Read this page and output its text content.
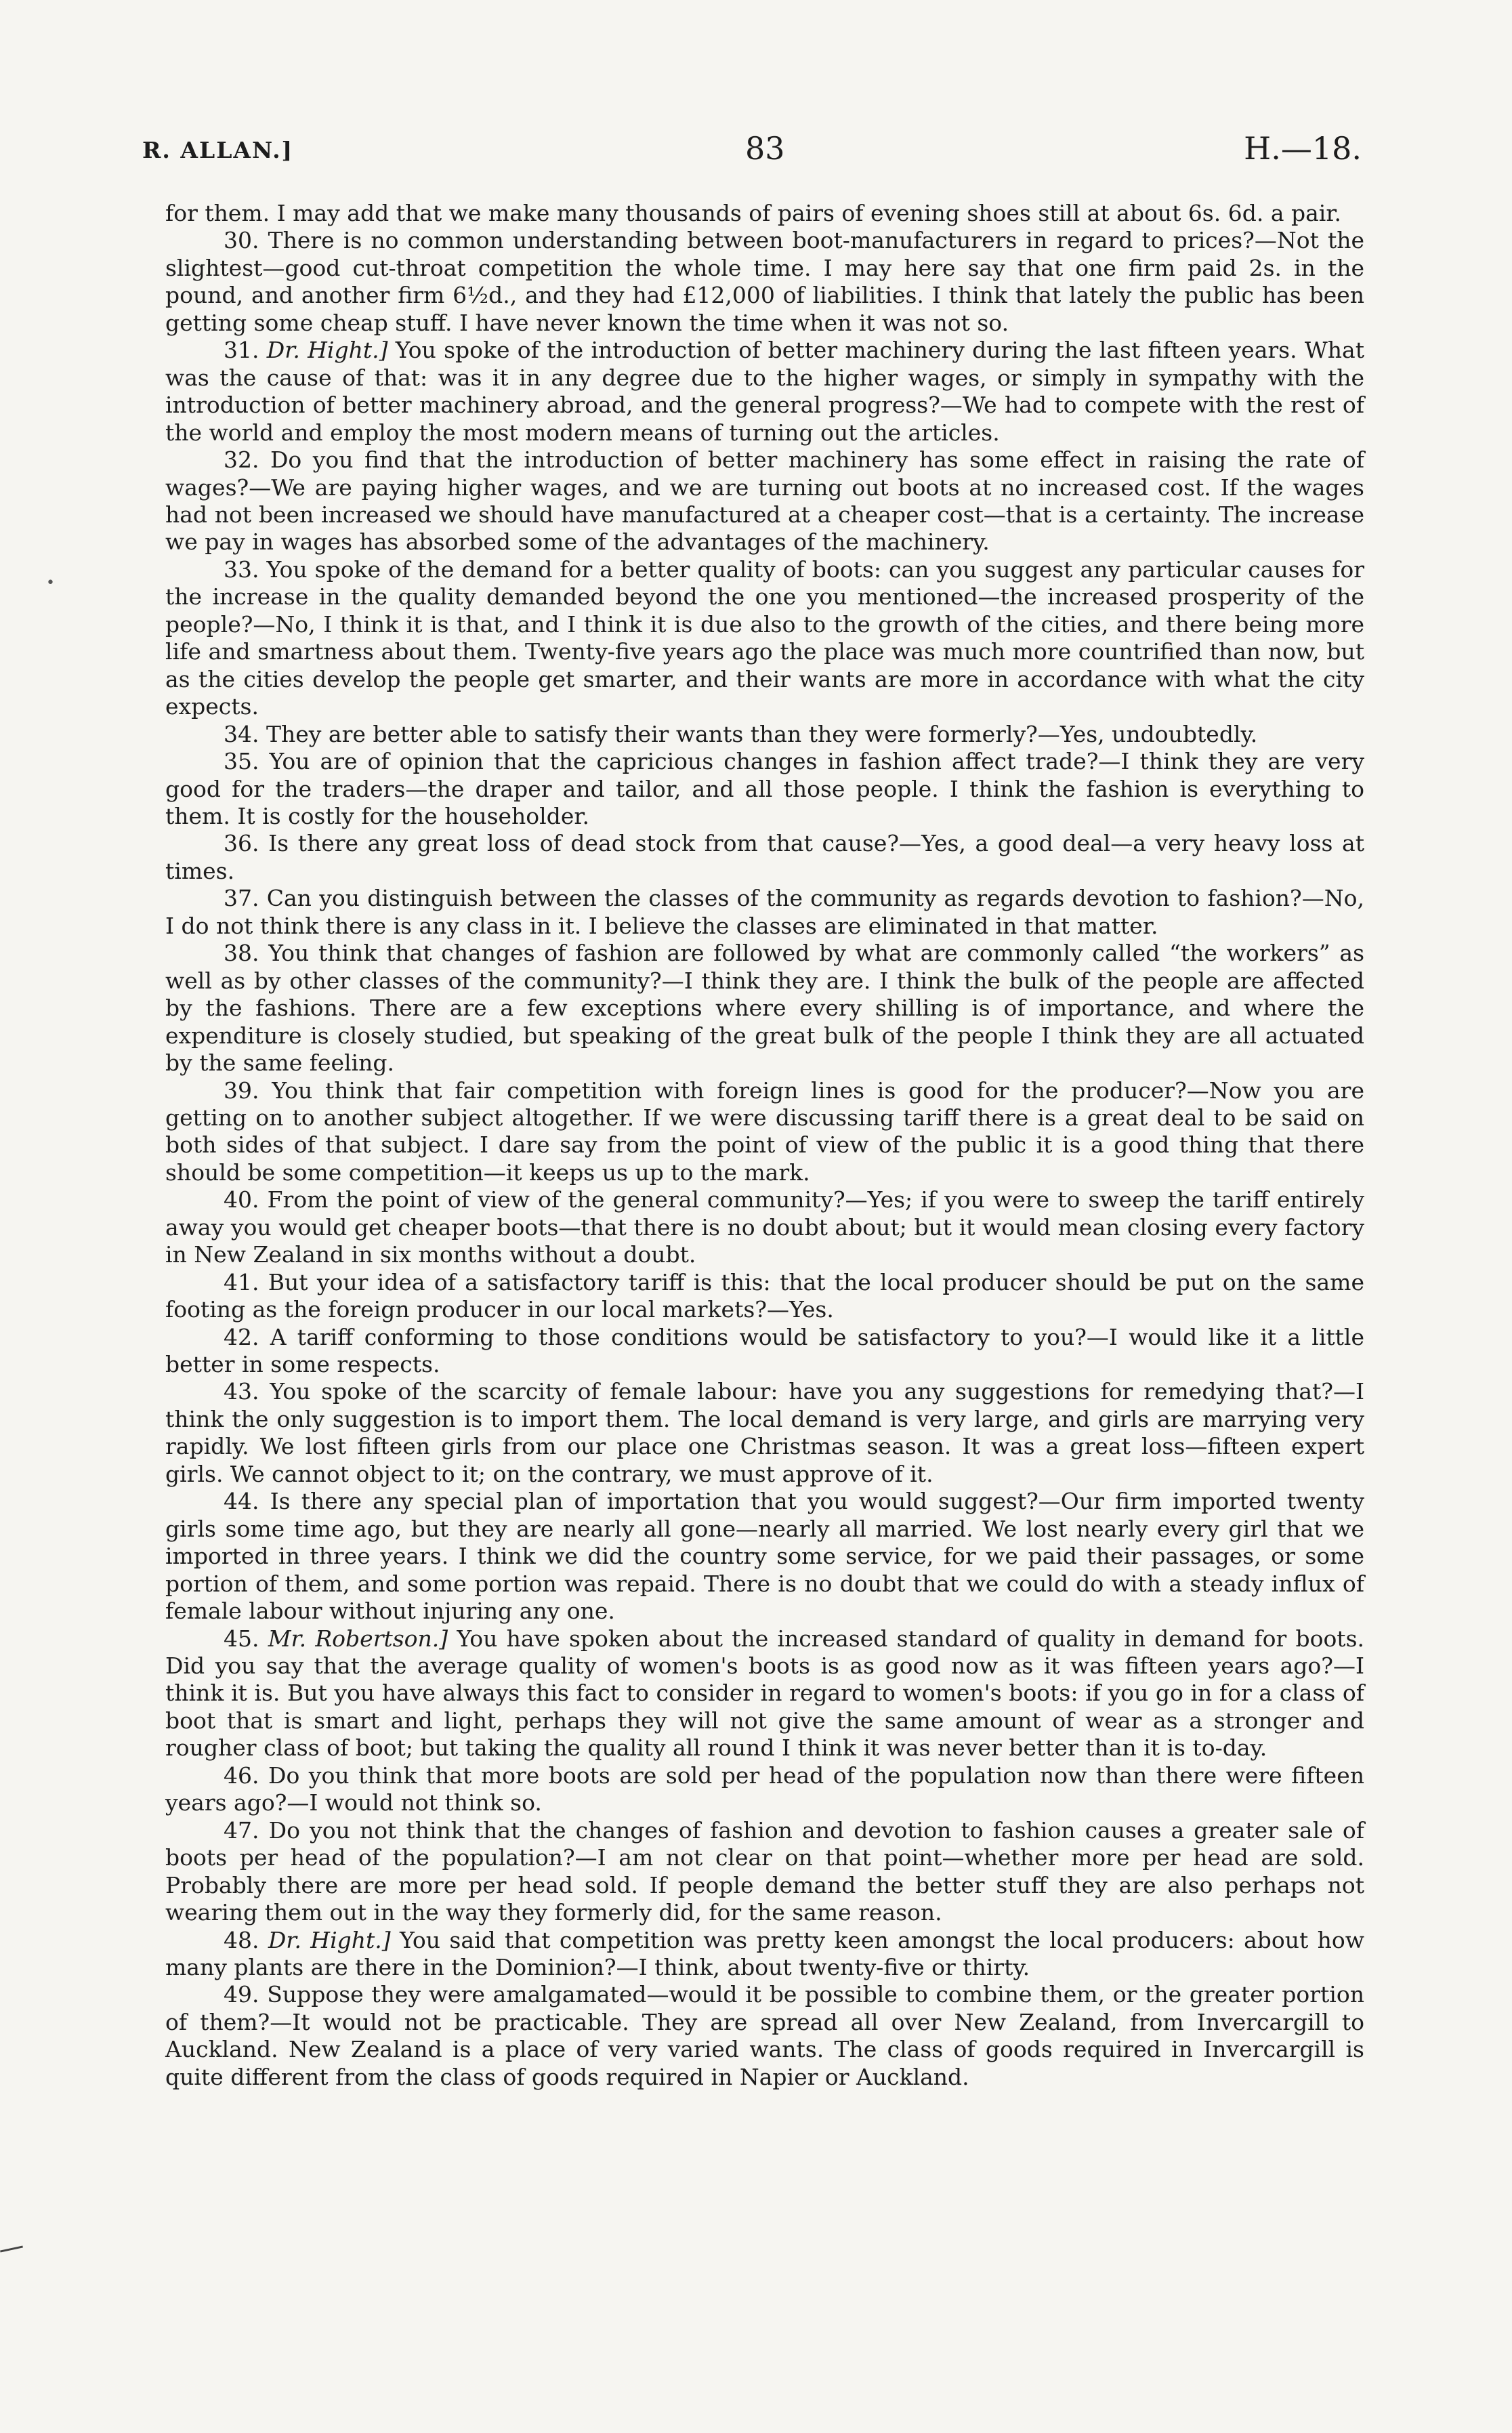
R. ALLAN.]	83	H.—18.
•

for them. I may add that we make many thousands of pairs of evening shoes still at about 6s. 6d. a pair.

30. There is no common understanding between boot-manufacturers in regard to prices?—Not the slightest—good cut-throat competition the whole time. I may here say that one firm paid 2s. in the pound, and another firm 6½d., and they had £12,000 of liabilities. I think that lately the public has been getting some cheap stuff. I have never known the time when it was not so.

31. Dr. Hight.] You spoke of the introduction of better machinery during the last fifteen years. What was the cause of that: was it in any degree due to the higher wages, or simply in sympathy with the introduction of better machinery abroad, and the general progress?—We had to compete with the rest of the world and employ the most modern means of turning out the articles.

32. Do you find that the introduction of better machinery has some effect in raising the rate of wages?—We are paying higher wages, and we are turning out boots at no increased cost. If the wages had not been increased we should have manufactured at a cheaper cost—that is a certainty. The increase we pay in wages has absorbed some of the advantages of the machinery.

33. You spoke of the demand for a better quality of boots: can you suggest any particular causes for the increase in the quality demanded beyond the one you mentioned—the increased prosperity of the people?—No, I think it is that, and I think it is due also to the growth of the cities, and there being more life and smartness about them. Twenty-five years ago the place was much more countrified than now, but as the cities develop the people get smarter, and their wants are more in accordance with what the city expects.

34. They are better able to satisfy their wants than they were formerly?—Yes, undoubtedly.

35. You are of opinion that the capricious changes in fashion affect trade?—I think they are very good for the traders—the draper and tailor, and all those people. I think the fashion is everything to them. It is costly for the householder.

36. Is there any great loss of dead stock from that cause?—Yes, a good deal—a very heavy loss at times.

37. Can you distinguish between the classes of the community as regards devotion to fashion?—No, I do not think there is any class in it. I believe the classes are eliminated in that matter.

38. You think that changes of fashion are followed by what are commonly called “the workers” as well as by other classes of the community?—I think they are. I think the bulk of the people are affected by the fashions. There are a few exceptions where every shilling is of importance, and where the expenditure is closely studied, but speaking of the great bulk of the people I think they are all actuated by the same feeling.

39. You think that fair competition with foreign lines is good for the producer?—Now you are getting on to another subject altogether. If we were discussing tariff there is a great deal to be said on both sides of that subject. I dare say from the point of view of the public it is a good thing that there should be some competition—it keeps us up to the mark.

40. From the point of view of the general community?—Yes; if you were to sweep the tariff entirely away you would get cheaper boots—that there is no doubt about; but it would mean closing every factory in New Zealand in six months without a doubt.

41. But your idea of a satisfactory tariff is this: that the local producer should be put on the same footing as the foreign producer in our local markets?—Yes.

42. A tariff conforming to those conditions would be satisfactory to you?—I would like it a little better in some respects.

43. You spoke of the scarcity of female labour: have you any suggestions for remedying that?—I think the only suggestion is to import them. The local demand is very large, and girls are marrying very rapidly. We lost fifteen girls from our place one Christmas season. It was a great loss—fifteen expert girls. We cannot object to it; on the contrary, we must approve of it.

44. Is there any special plan of importation that you would suggest?—Our firm imported twenty girls some time ago, but they are nearly all gone—nearly all married. We lost nearly every girl that we imported in three years. I think we did the country some service, for we paid their passages, or some portion of them, and some portion was repaid. There is no doubt that we could do with a steady influx of female labour without injuring any one.

45. Mr. Robertson.] You have spoken about the increased standard of quality in demand for boots. Did you say that the average quality of women's boots is as good now as it was fifteen years ago?—I think it is. But you have always this fact to consider in regard to women's boots: if you go in for a class of boot that is smart and light, perhaps they will not give the same amount of wear as a stronger and rougher class of boot; but taking the quality all round I think it was never better than it is to-day.

46. Do you think that more boots are sold per head of the population now than there were fifteen years ago?—I would not think so.

47. Do you not think that the changes of fashion and devotion to fashion causes a greater sale of boots per head of the population?—I am not clear on that point—whether more per head are sold. Probably there are more per head sold. If people demand the better stuff they are also perhaps not wearing them out in the way they formerly did, for the same reason.

48. Dr. Hight.] You said that competition was pretty keen amongst the local producers: about how many plants are there in the Dominion?—I think, about twenty-five or thirty.

49. Suppose they were amalgamated—would it be possible to combine them, or the greater portion of them?—It would not be practicable. They are spread all over New Zealand, from Invercargill to Auckland. New Zealand is a place of very varied wants. The class of goods required in Invercargill is quite different from the class of goods required in Napier or Auckland.
